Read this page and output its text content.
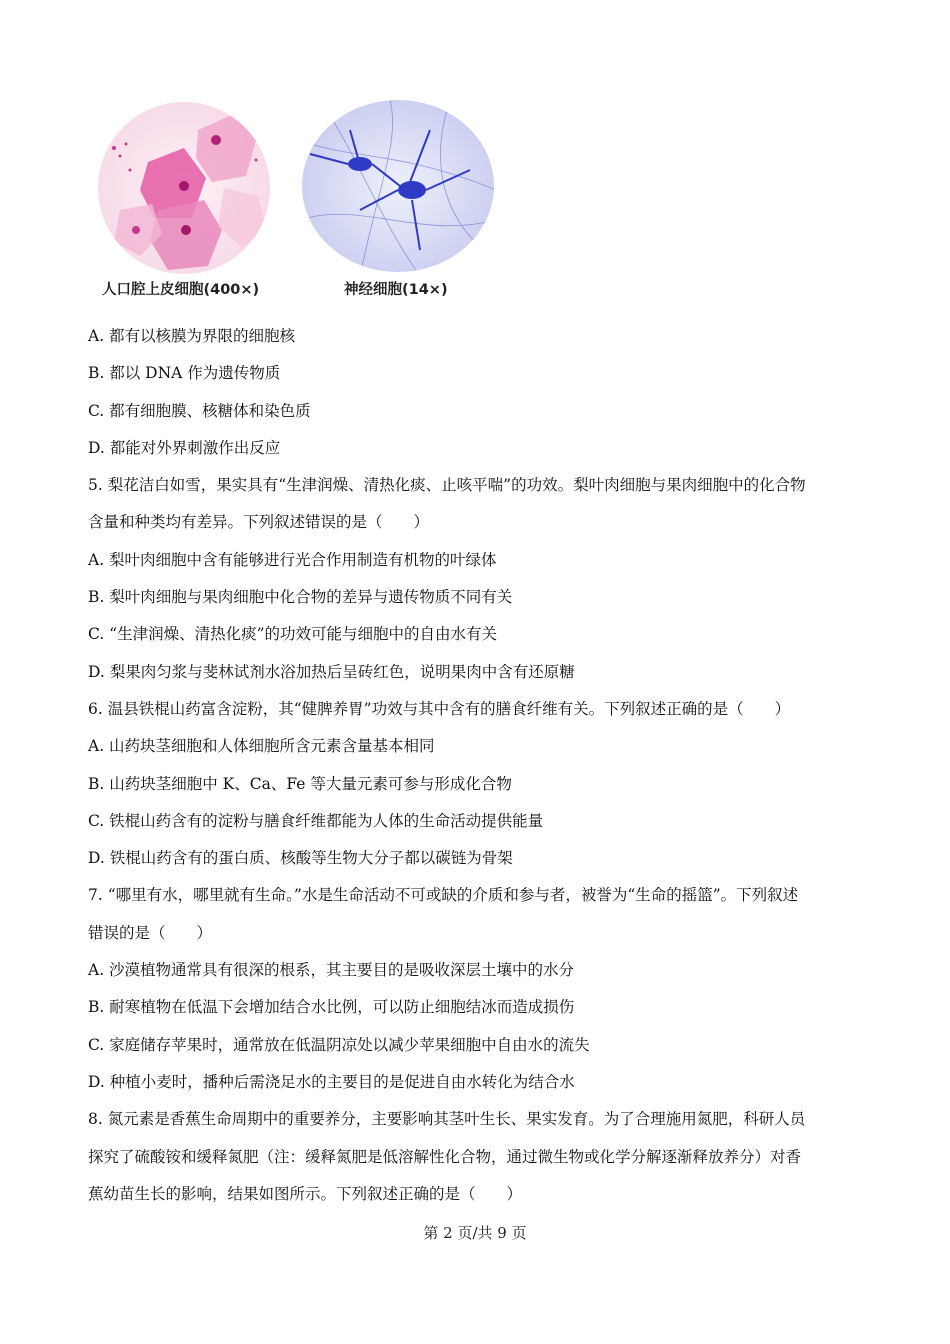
人口腔上皮细胞(400×)	神经细胞(14×)
A. 都有以核膜为界限的细胞核
B. 都以 DNA 作为遗传物质
C. 都有细胞膜、核糖体和染色质
D. 都能对外界刺激作出反应
5. 梨花洁白如雪，果实具有“生津润燥、清热化痰、止咳平喘”的功效。梨叶肉细胞与果肉细胞中的化合物
含量和种类均有差异。下列叙述错误的是（　　）
A. 梨叶肉细胞中含有能够进行光合作用制造有机物的叶绿体
B. 梨叶肉细胞与果肉细胞中化合物的差异与遗传物质不同有关
C. “生津润燥、清热化痰”的功效可能与细胞中的自由水有关
D. 梨果肉匀浆与斐林试剂水浴加热后呈砖红色，说明果肉中含有还原糖
6. 温县铁棍山药富含淀粉，其“健脾养胃”功效与其中含有的膳食纤维有关。下列叙述正确的是（　　）
A. 山药块茎细胞和人体细胞所含元素含量基本相同
B. 山药块茎细胞中 K、Ca、Fe 等大量元素可参与形成化合物
C. 铁棍山药含有的淀粉与膳食纤维都能为人体的生命活动提供能量
D. 铁棍山药含有的蛋白质、核酸等生物大分子都以碳链为骨架
7. “哪里有水，哪里就有生命。”水是生命活动不可或缺的介质和参与者，被誉为“生命的摇篮”。下列叙述
错误的是（　　）
A. 沙漠植物通常具有很深的根系，其主要目的是吸收深层土壤中的水分
B. 耐寒植物在低温下会增加结合水比例，可以防止细胞结冰而造成损伤
C. 家庭储存苹果时，通常放在低温阴凉处以减少苹果细胞中自由水的流失
D. 种植小麦时，播种后需浇足水的主要目的是促进自由水转化为结合水
8. 氮元素是香蕉生命周期中的重要养分，主要影响其茎叶生长、果实发育。为了合理施用氮肥，科研人员
探究了硫酸铵和缓释氮肥（注：缓释氮肥是低溶解性化合物，通过微生物或化学分解逐渐释放养分）对香
蕉幼苗生长的影响，结果如图所示。下列叙述正确的是（　　）
第 2 页/共 9 页
